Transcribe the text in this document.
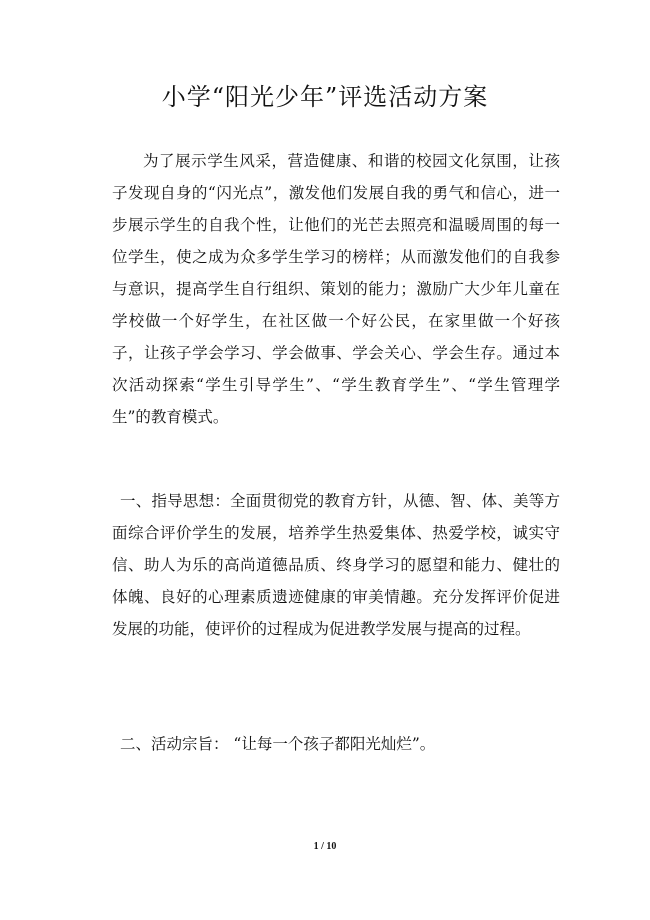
小学“阳光少年”评选活动方案

为了展示学生风采，营造健康、和谐的校园文化氛围，让孩子发现自身的“闪光点”，激发他们发展自我的勇气和信心，进一步展示学生的自我个性，让他们的光芒去照亮和温暖周围的每一位学生，使之成为众多学生学习的榜样；从而激发他们的自我参与意识，提高学生自行组织、策划的能力；激励广大少年儿童在学校做一个好学生，在社区做一个好公民，在家里做一个好孩子，让孩子学会学习、学会做事、学会关心、学会生存。通过本次活动探索“学生引导学生”、“学生教育学生”、“学生管理学生”的教育模式。

一、指导思想：全面贯彻党的教育方针，从德、智、体、美等方面综合评价学生的发展，培养学生热爱集体、热爱学校，诚实守信、助人为乐的高尚道德品质、终身学习的愿望和能力、健壮的体魄、良好的心理素质遗迹健康的审美情趣。充分发挥评价促进发展的功能，使评价的过程成为促进教学发展与提高的过程。

二、活动宗旨： “让每一个孩子都阳光灿烂”。

1 / 10
